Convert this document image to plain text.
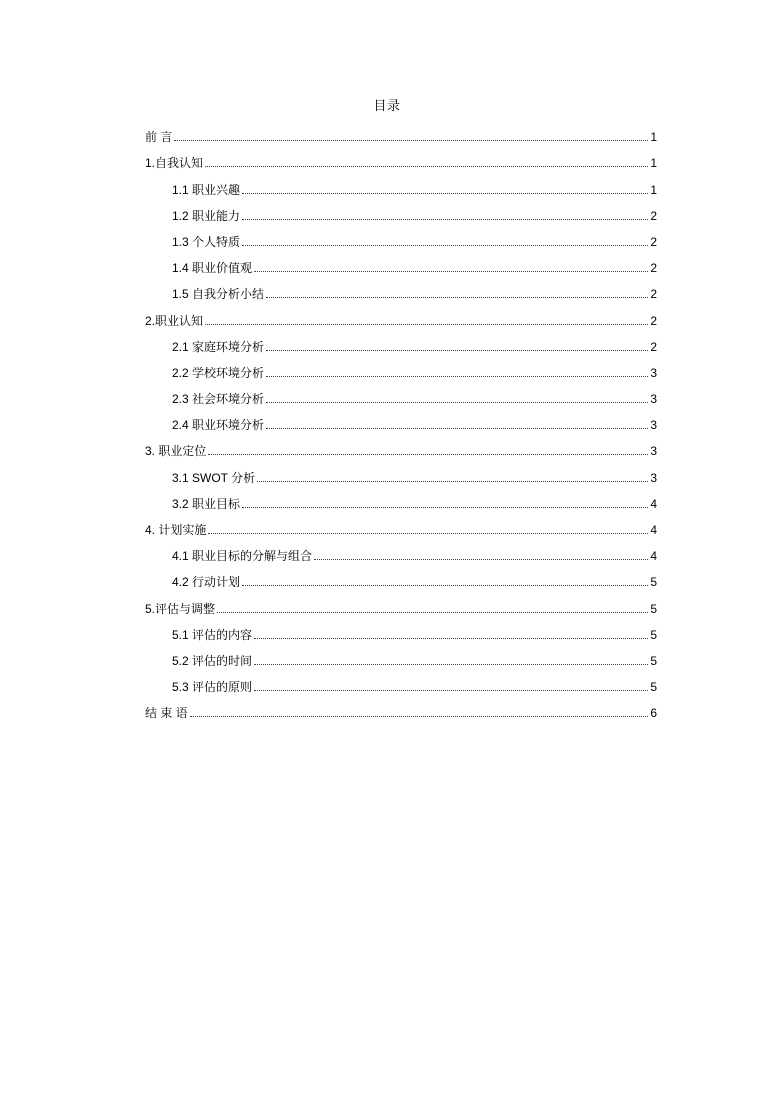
目录
前 言	1
1.自我认知	1
1.1 职业兴趣	1
1.2 职业能力	2
1.3 个人特质	2
1.4 职业价值观	2
1.5 自我分析小结	2
2.职业认知	2
2.1 家庭环境分析	2
2.2 学校环境分析	3
2.3 社会环境分析	3
2.4 职业环境分析	3
3. 职业定位	3
3.1 SWOT 分析	3
3.2 职业目标	4
4. 计划实施	4
4.1 职业目标的分解与组合	4
4.2 行动计划	5
5.评估与调整	5
5.1 评估的内容	5
5.2 评估的时间	5
5.3 评估的原则	5
结 束 语	6
